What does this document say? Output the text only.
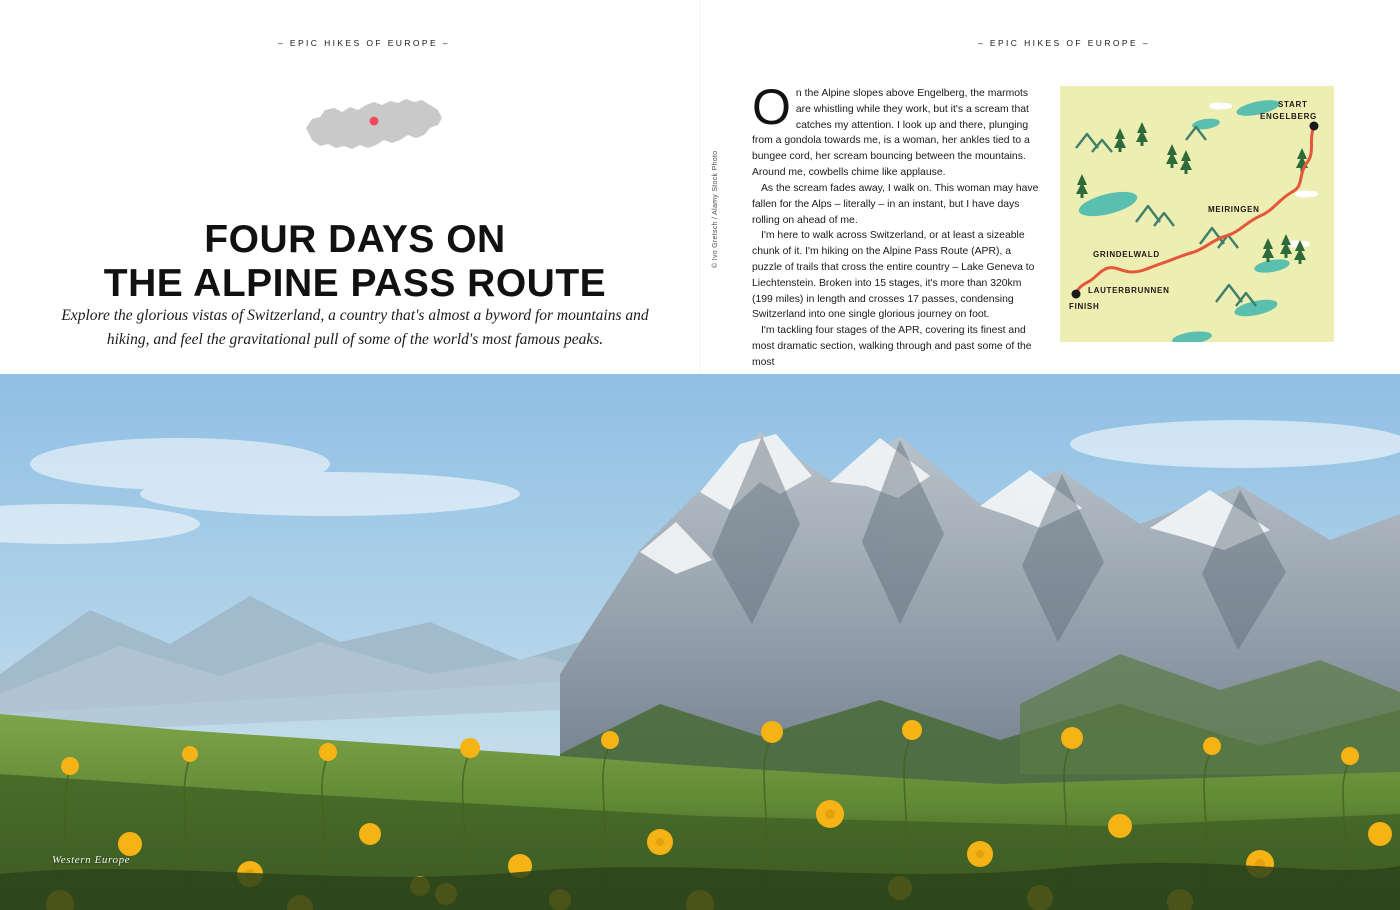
– EPIC HIKES OF EUROPE –	– EPIC HIKES OF EUROPE –
FOUR DAYS ON
THE ALPINE PASS ROUTE
Explore the glorious vistas of Switzerland, a country that's almost a byword for mountains and hiking, and feel the gravitational pull of some of the world's most famous peaks.

On the Alpine slopes above Engelberg, the marmots are whistling while they work, but it's a scream that catches my attention. I look up and there, plunging from a gondola towards me, is a woman, her ankles tied to a bungee cord, her scream bouncing between the mountains. Around me, cowbells chime like applause.

As the scream fades away, I walk on. This woman may have fallen for the Alps – literally – in an instant, but I have days rolling on ahead of me.

I'm here to walk across Switzerland, or at least a sizeable chunk of it. I'm hiking on the Alpine Pass Route (APR), a puzzle of trails that cross the entire country – Lake Geneva to Liechtenstein. Broken into 15 stages, it's more than 320km (199 miles) in length and crosses 17 passes, condensing Switzerland into one single glorious journey on foot.

I'm tackling four stages of the APR, covering its finest and most dramatic section, walking through and past some of the most

© Ivo Gretsch / Alamy Stock Photo
START
ENGELBERG
MEIRINGEN
GRINDELWALD
LAUTERBRUNNEN
FINISH
Western Europe
